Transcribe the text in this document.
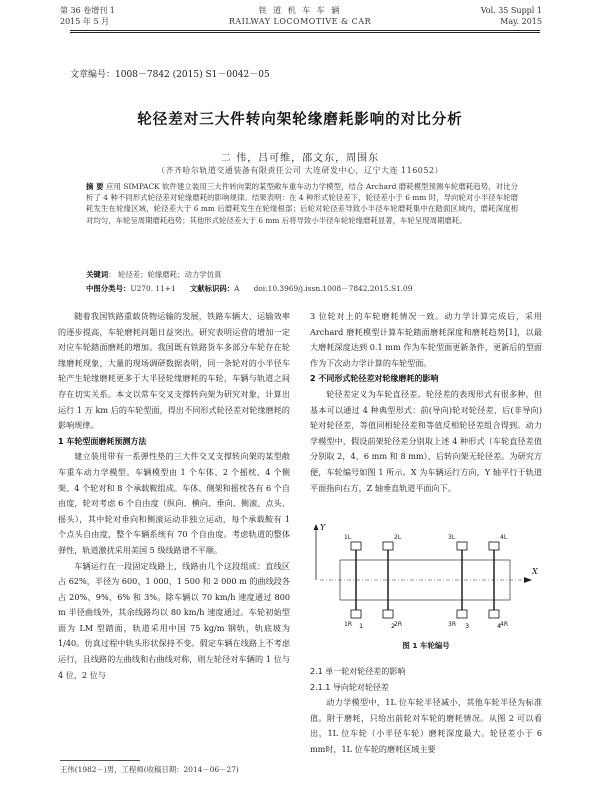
第 36 卷增刊 1
2015 年 5 月
铁 道 机 车 车 辆
RAILWAY LOCOMOTIVE & CAR
Vol. 35 Suppl 1
May. 2015
文章编号：1008－7842 (2015) S1－0042－05
轮径差对三大件转向架轮缘磨耗影响的对比分析
二 伟，吕可维，邵文东，周围东
（齐齐哈尔轨道交通装备有限责任公司 大连研发中心，辽宁大连 116052）
摘 要 应用 SIMPACK 软件建立装用三大件转向架的某型敞车重车动力学模型，结合 Archard 磨耗模型预测车轮磨耗趋势，对比分析了 4 种不同形式轮径差对轮缘磨耗的影响规律。结果表明：在 4 种形式轮径差下，轮径差小于 6 mm 时，导向轮对小半径车轮磨耗发生在轮缘区域，轮径差大于 6 mm 后磨耗发生在轮缘根部；后轮对轮径差导致小半径车轮磨耗集中在踏面区域内，磨耗深度相对均匀，车轮呈周期磨耗趋势；其他形式轮径差大于 6 mm 后将导致小半径车轮轮缘磨耗显著，车轮呈现周期磨耗。
关键词： 轮径差；轮缘磨耗；动力学仿真
中图分类号：U270. 11+1 文献标识码：A doi:10.3969/j.issn.1008－7842.2015.S1.09

随着我国铁路重载货物运输的发展，铁路车辆大、运输效率的逐步提高，车轮磨耗问题日益突出。研究表明运营的增加一定对应车轮踏面磨耗的增加。我国既有铁路货车多部分车轮存在轮缘磨耗现象，大量的现场调研数据表明，同一条轮对的小半径车轮产生轮缘磨耗更多于大半径轮缘磨耗的车轮，车辆与轨道之间存在切实关系。本文以常车交叉支撑转向架为研究对象，计算出运行 1 万 km 后的车轮型面，得出不同形式轮径差对轮缘磨耗的影响规律。

1 车轮型面磨耗预测方法

建立装用带有一系弹性垫的三大件交叉支撑转向架的某型敞车重车动力学模型。车辆模型由 1 个车体、2 个摇枕、4 个侧架、4 个轮对和 8 个承载鞍组成。车体、侧架和摇枕各有 6 个自由度，轮对考虑 6 个自由度（纵向、横向、垂向、侧滚、点头、摇头），其中轮对垂向和侧滚运动非独立运动，每个承载鞍有 1 个点头自由度，整个车辆系统有 70 个自由度。考虑轨道的整体弹性，轨道激扰采用美国 5 级线路谱不平顺。

车辆运行在一段固定线路上，线路由几个这段组成：直线区占 62%，半径为 600、1 000、1 500 和 2 000 m 的曲线段各占 20%、9%、6% 和 3%。除车辆以 70 km/h 速度通过 800 m 半径曲线外，其余线路均以 80 km/h 速度通过。车轮初始型面为 LM 型踏面，轨道采用中国 75 kg/m 钢轨，轨底坡为 1/40。仿真过程中轨头形状保持不变。假定车辆在线路上不考虑运行，且线路的左曲线和右曲线对称，则左轮径对车辆的 1 位与 4 位，2 位与

3 位轮对上的车轮磨耗情况一致。动力学计算完成后，采用 Archard 磨耗模型计算车轮踏面磨耗深度和磨耗趋势[1]，以最大磨耗深度达到 0.1 mm 作为车轮型面更新条件，更新后的型面作为下次动力学计算的车轮型面。

2 不同形式轮径差对轮缘磨耗的影响

轮径差定义为车轮直径差。轮径差的表现形式有很多种，但基本可以通过 4 种典型形式：前(导向)轮对轮径差，后(非导向)轮对轮径差，等值同相轮径差和等值反相轮径差组合得到。动力学模型中，假设前架轮径差分别取上述 4 种形式（车轮直径差值分别取 2，4，6 mm 和 8 mm），后转向架无轮径差。为研究方便，车轮编号如图 1 所示。X 为车辆运行方向，Y 轴平行于轨道平面指向右方，Z 轴垂直轨道平面向下。

Y
X
1
1L
1R	2
2L
2R	3
3L
3R	4
4L
4R
图 1 车轮编号

2.1 单一轮对轮径差的影响

2.1.1 导向轮对轮径差

动力学模型中，1L 位车轮半径减小，其他车轮半径为标准值。附于磨耗，只给出前轮对车轮的磨耗情况。从图 2 可以看出，1L 位车轮（小半径车轮）磨耗深度最大。轮径差小于 6 mm时，1L 位车轮的磨耗区域主要

王伟(1982－)男，工程师(收稿日期：2014－06－27)
